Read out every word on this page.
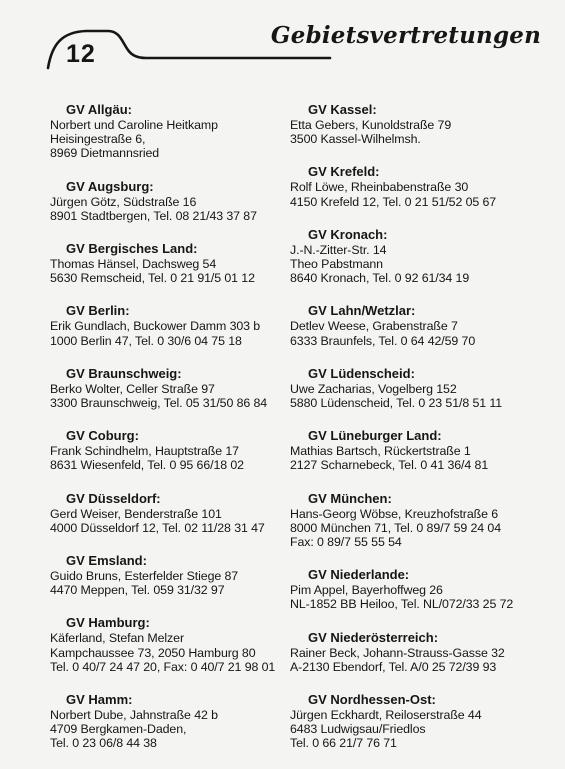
12
Gebietsvertretungen
GV Allgäu:
Norbert und Caroline Heitkamp
Heisingestraße 6,
8969 Dietmannsried
GV Augsburg:
Jürgen Götz, Südstraße 16
8901 Stadtbergen, Tel. 08 21/43 37 87
GV Bergisches Land:
Thomas Hänsel, Dachsweg 54
5630 Remscheid, Tel. 0 21 91/5 01 12
GV Berlin:
Erik Gundlach, Buckower Damm 303 b
1000 Berlin 47, Tel. 0 30/6 04 75 18
GV Braunschweig:
Berko Wolter, Celler Straße 97
3300 Braunschweig, Tel. 05 31/50 86 84
GV Coburg:
Frank Schindhelm, Hauptstraße 17
8631 Wiesenfeld, Tel. 0 95 66/18 02
GV Düsseldorf:
Gerd Weiser, Benderstraße 101
4000 Düsseldorf 12, Tel. 02 11/28 31 47
GV Emsland:
Guido Bruns, Esterfelder Stiege 87
4470 Meppen, Tel. 059 31/32 97
GV Hamburg:
Käferland, Stefan Melzer
Kampchaussee 73, 2050 Hamburg 80
Tel. 0 40/7 24 47 20, Fax: 0 40/7 21 98 01
GV Hamm:
Norbert Dube, Jahnstraße 42 b
4709 Bergkamen-Daden,
Tel. 0 23 06/8 44 38
GV Kassel:
Etta Gebers, Kunoldstraße 79
3500 Kassel-Wilhelmsh.
GV Krefeld:
Rolf Löwe, Rheinbabenstraße 30
4150 Krefeld 12, Tel. 0 21 51/52 05 67
GV Kronach:
J.-N.-Zitter-Str. 14
Theo Pabstmann
8640 Kronach, Tel. 0 92 61/34 19
GV Lahn/Wetzlar:
Detlev Weese, Grabenstraße 7
6333 Braunfels, Tel. 0 64 42/59 70
GV Lüdenscheid:
Uwe Zacharias, Vogelberg 152
5880 Lüdenscheid, Tel. 0 23 51/8 51 11
GV Lüneburger Land:
Mathias Bartsch, Rückertstraße 1
2127 Scharnebeck, Tel. 0 41 36/4 81
GV München:
Hans-Georg Wöbse, Kreuzhofstraße 6
8000 München 71, Tel. 0 89/7 59 24 04
Fax: 0 89/7 55 55 54
GV Niederlande:
Pim Appel, Bayerhoffweg 26
NL-1852 BB Heiloo, Tel. NL/072/33 25 72
GV Niederösterreich:
Rainer Beck, Johann-Strauss-Gasse 32
A-2130 Ebendorf, Tel. A/0 25 72/39 93
GV Nordhessen-Ost:
Jürgen Eckhardt, Reiloserstraße 44
6483 Ludwigsau/Friedlos
Tel. 0 66 21/7 76 71
